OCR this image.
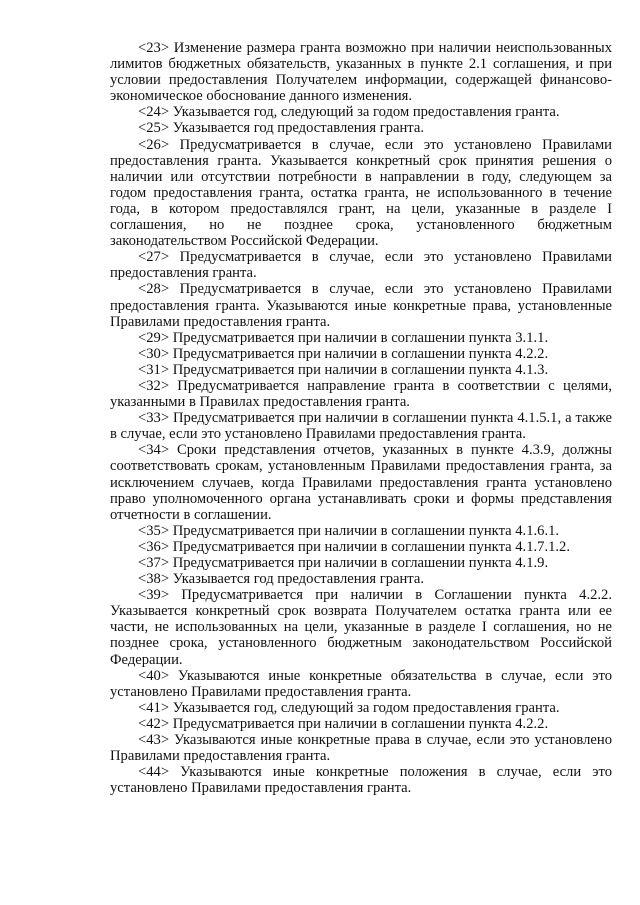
<23> Изменение размера гранта возможно при наличии неиспользованных лимитов бюджетных обязательств, указанных в пункте 2.1 соглашения, и при условии предоставления Получателем информации, содержащей финансово-экономическое обоснование данного изменения.

<24> Указывается год, следующий за годом предоставления гранта.

<25> Указывается год предоставления гранта.

<26> Предусматривается в случае, если это установлено Правилами предоставления гранта. Указывается конкретный срок принятия решения о наличии или отсутствии потребности в направлении в году, следующем за годом предоставления гранта, остатка гранта, не использованного в течение года, в котором предоставлялся грант, на цели, указанные в разделе I соглашения, но не позднее срока, установленного бюджетным законодательством Российской Федерации.

<27> Предусматривается в случае, если это установлено Правилами предоставления гранта.

<28> Предусматривается в случае, если это установлено Правилами предоставления гранта. Указываются иные конкретные права, установленные Правилами предоставления гранта.

<29> Предусматривается при наличии в соглашении пункта 3.1.1.

<30> Предусматривается при наличии в соглашении пункта 4.2.2.

<31> Предусматривается при наличии в соглашении пункта 4.1.3.

<32> Предусматривается направление гранта в соответствии с целями, указанными в Правилах предоставления гранта.

<33> Предусматривается при наличии в соглашении пункта 4.1.5.1, а также в случае, если это установлено Правилами предоставления гранта.

<34> Сроки представления отчетов, указанных в пункте 4.3.9, должны соответствовать срокам, установленным Правилами предоставления гранта, за исключением случаев, когда Правилами предоставления гранта установлено право уполномоченного органа устанавливать сроки и формы представления отчетности в соглашении.

<35> Предусматривается при наличии в соглашении пункта 4.1.6.1.

<36> Предусматривается при наличии в соглашении пункта 4.1.7.1.2.

<37> Предусматривается при наличии в соглашении пункта 4.1.9.

<38> Указывается год предоставления гранта.

<39> Предусматривается при наличии в Соглашении пункта 4.2.2. Указывается конкретный срок возврата Получателем остатка гранта или ее части, не использованных на цели, указанные в разделе I соглашения, но не позднее срока, установленного бюджетным законодательством Российской Федерации.

<40> Указываются иные конкретные обязательства в случае, если это установлено Правилами предоставления гранта.

<41> Указывается год, следующий за годом предоставления гранта.

<42> Предусматривается при наличии в соглашении пункта 4.2.2.

<43> Указываются иные конкретные права в случае, если это установлено Правилами предоставления гранта.

<44> Указываются иные конкретные положения в случае, если это установлено Правилами предоставления гранта.
